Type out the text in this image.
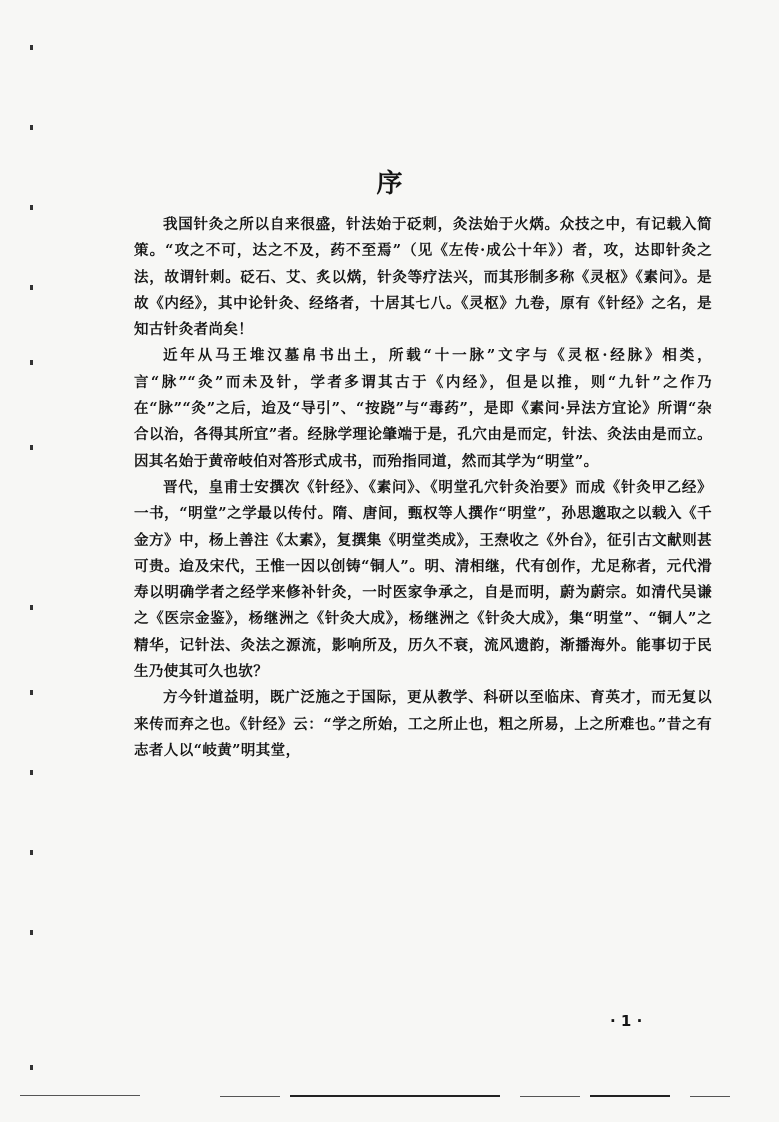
序

我国针灸之所以自来很盛，针法始于砭刺，灸法始于火焫。众技之中，有记载入简策。“攻之不可，达之不及，药不至焉”（见《左传·成公十年》）者，攻，达即针灸之法，故谓针刺。砭石、艾、炙以焫，针灸等疗法兴，而其形制多称《灵枢》《素问》。是故《内经》，其中论针灸、经络者，十居其七八。《灵枢》九卷，原有《针经》之名，是知古针灸者尚矣！

近年从马王堆汉墓帛书出土，所载“十一脉”文字与《灵枢·经脉》相类，言“脉”“灸”而未及针，学者多谓其古于《内经》，但是以推，则“九针”之作乃在“脉”“灸”之后，迨及“导引”、“按跷”与“毒药”，是即《素问·异法方宜论》所谓“杂合以治，各得其所宜”者。经脉学理论肇端于是，孔穴由是而定，针法、灸法由是而立。因其名始于黄帝岐伯对答形式成书，而殆指同道，然而其学为“明堂”。

晋代，皇甫士安撰次《针经》、《素问》、《明堂孔穴针灸治要》而成《针灸甲乙经》一书，“明堂”之学最以传付。隋、唐间，甄权等人撰作“明堂”，孙思邈取之以载入《千金方》中，杨上善注《太素》，复撰集《明堂类成》，王焘收之《外台》，征引古文献则甚可贵。迨及宋代，王惟一因以创铸“铜人”。明、清相继，代有创作，尤足称者，元代滑寿以明确学者之经学来修补针灸，一时医家争承之，自是而明，蔚为蔚宗。如清代吴谦之《医宗金鉴》，杨继洲之《针灸大成》，杨继洲之《针灸大成》，集“明堂”、“铜人”之精华，记针法、灸法之源流，影响所及，历久不衰，流风遗韵，渐播海外。能事切于民生乃使其可久也欤？

方今针道益明，既广泛施之于国际，更从教学、科研以至临床、育英才，而无复以来传而弃之也。《针经》云：“学之所始，工之所止也，粗之所易，上之所难也。”昔之有志者人以“岐黄”明其堂，

· 1 ·
